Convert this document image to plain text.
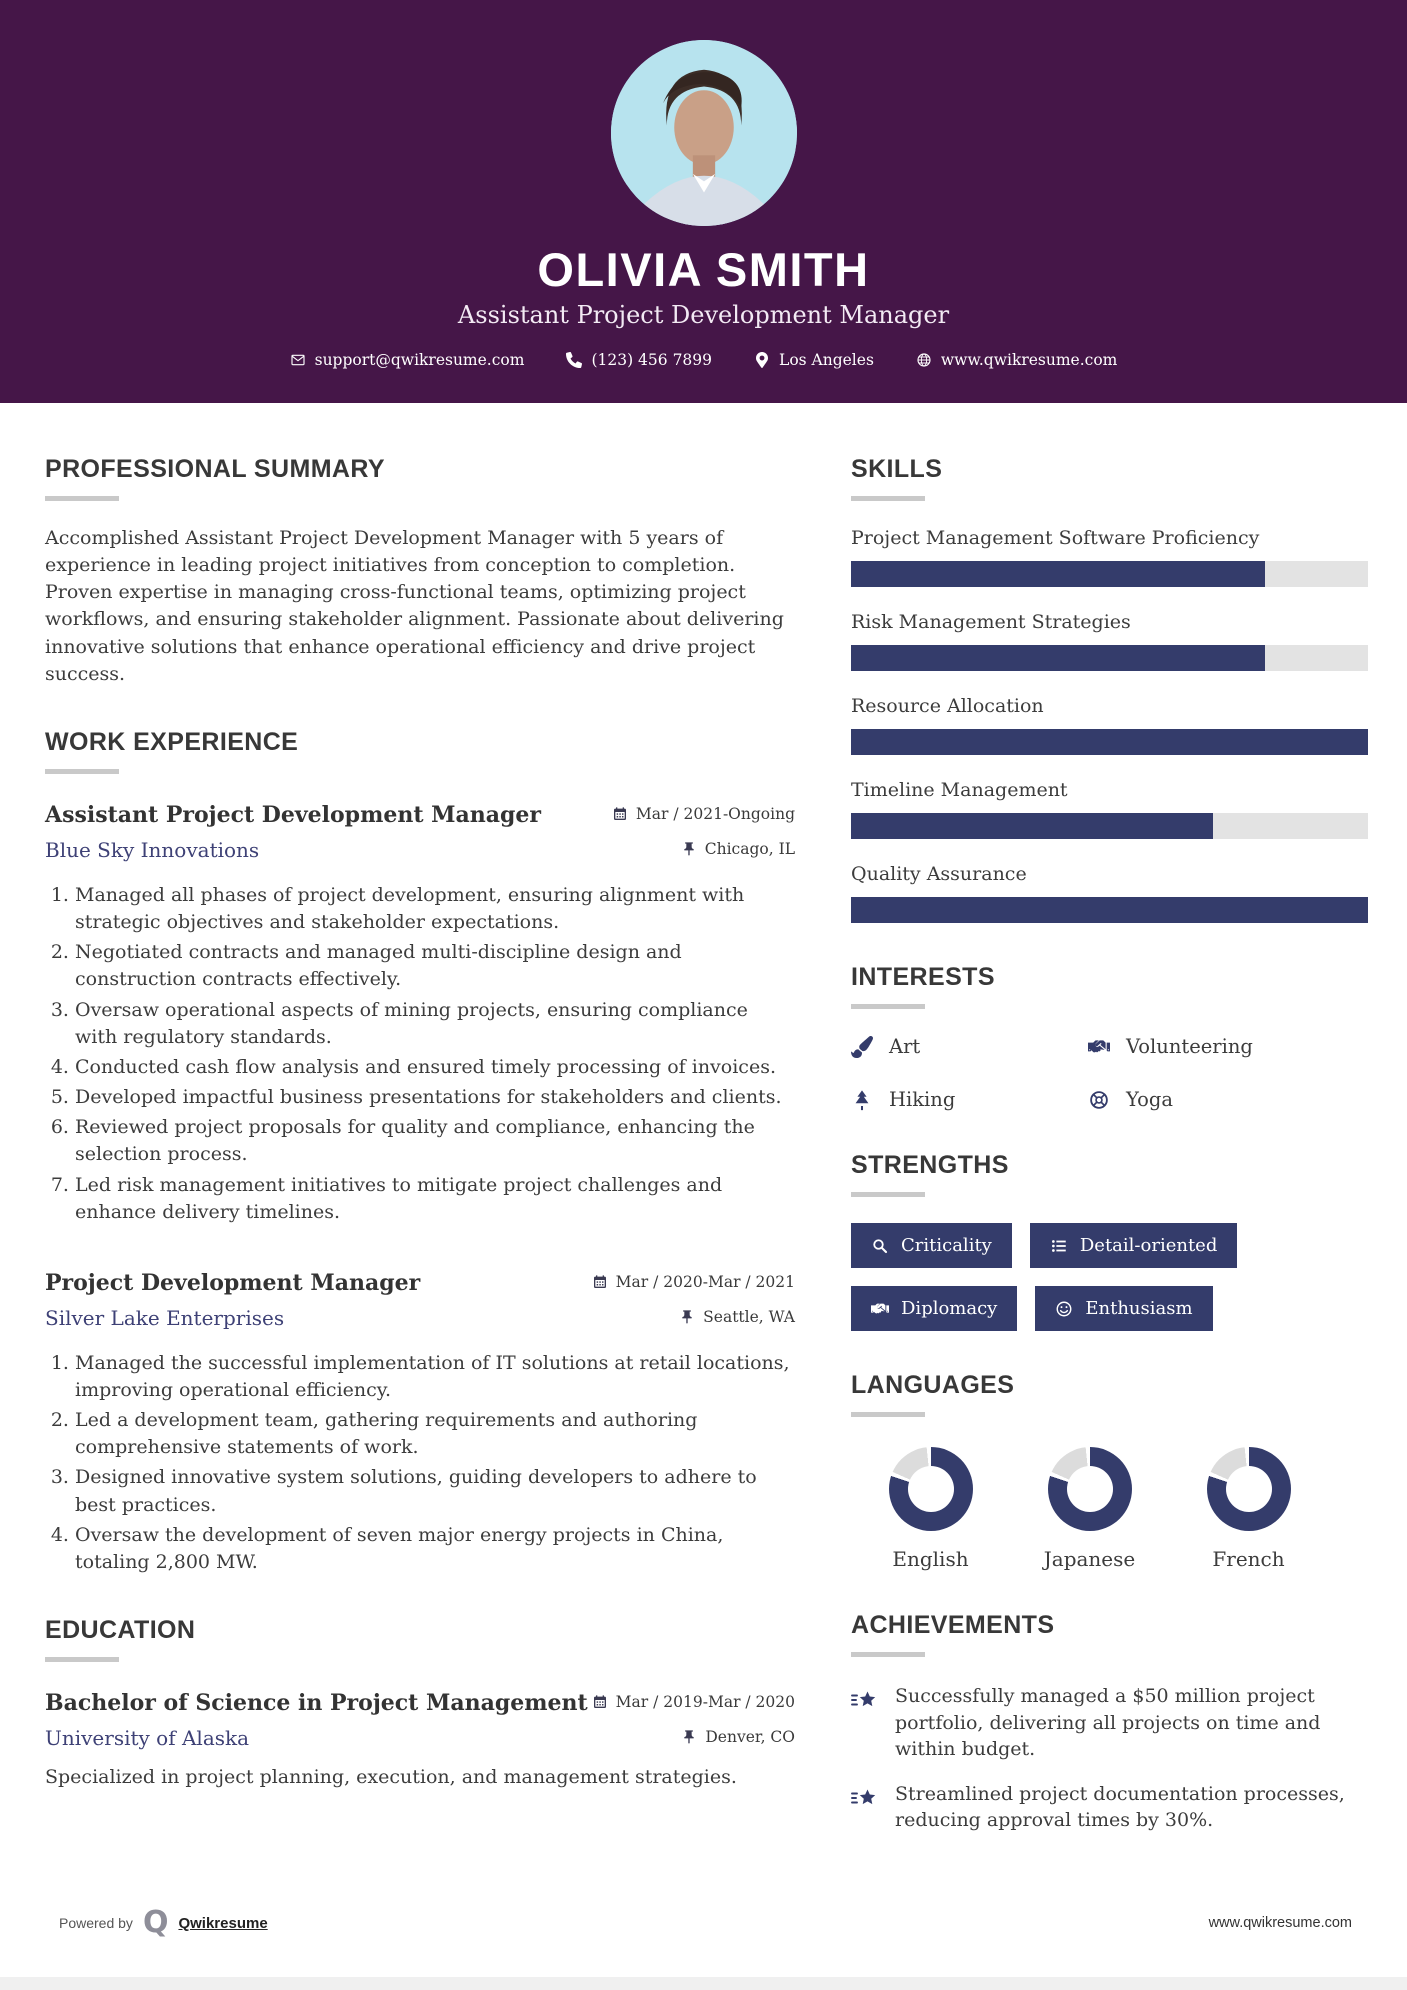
OLIVIA SMITH
Assistant Project Development Manager
support@qwikresume.com	(123) 456 7899	Los Angeles	www.qwikresume.com
PROFESSIONAL SUMMARY

Accomplished Assistant Project Development Manager with 5 years of experience in leading project initiatives from conception to completion. Proven expertise in managing cross-functional teams, optimizing project workflows, and ensuring stakeholder alignment. Passionate about delivering innovative solutions that enhance operational efficiency and drive project success.

WORK EXPERIENCE
Assistant Project Development Manager	Mar / 2021-Ongoing
Blue Sky Innovations	Chicago, IL
1. Managed all phases of project development, ensuring alignment with strategic objectives and stakeholder expectations.
2. Negotiated contracts and managed multi-discipline design and construction contracts effectively.
3. Oversaw operational aspects of mining projects, ensuring compliance with regulatory standards.
4. Conducted cash flow analysis and ensured timely processing of invoices.
5. Developed impactful business presentations for stakeholders and clients.
6. Reviewed project proposals for quality and compliance, enhancing the selection process.
7. Led risk management initiatives to mitigate project challenges and enhance delivery timelines.
Project Development Manager	Mar / 2020-Mar / 2021
Silver Lake Enterprises	Seattle, WA
1. Managed the successful implementation of IT solutions at retail locations, improving operational efficiency.
2. Led a development team, gathering requirements and authoring comprehensive statements of work.
3. Designed innovative system solutions, guiding developers to adhere to best practices.
4. Oversaw the development of seven major energy projects in China, totaling 2,800 MW.
EDUCATION
Bachelor of Science in Project Management Mar / 2019-Mar / 2020
University of Alaska	Denver, CO

Specialized in project planning, execution, and management strategies.

SKILLS
Project Management Software Proficiency
Risk Management Strategies
Resource Allocation
Timeline Management
Quality Assurance
INTERESTS
Art	Volunteering
Hiking	Yoga
STRENGTHS
Criticality	Detail-oriented
Diplomacy	Enthusiasm
LANGUAGES
English	Japanese	French
ACHIEVEMENTS

Successfully managed a $50 million project portfolio, delivering all projects on time and within budget.

Streamlined project documentation processes, reducing approval times by 30%.

Powered by Q Qwikresume	www.qwikresume.com
